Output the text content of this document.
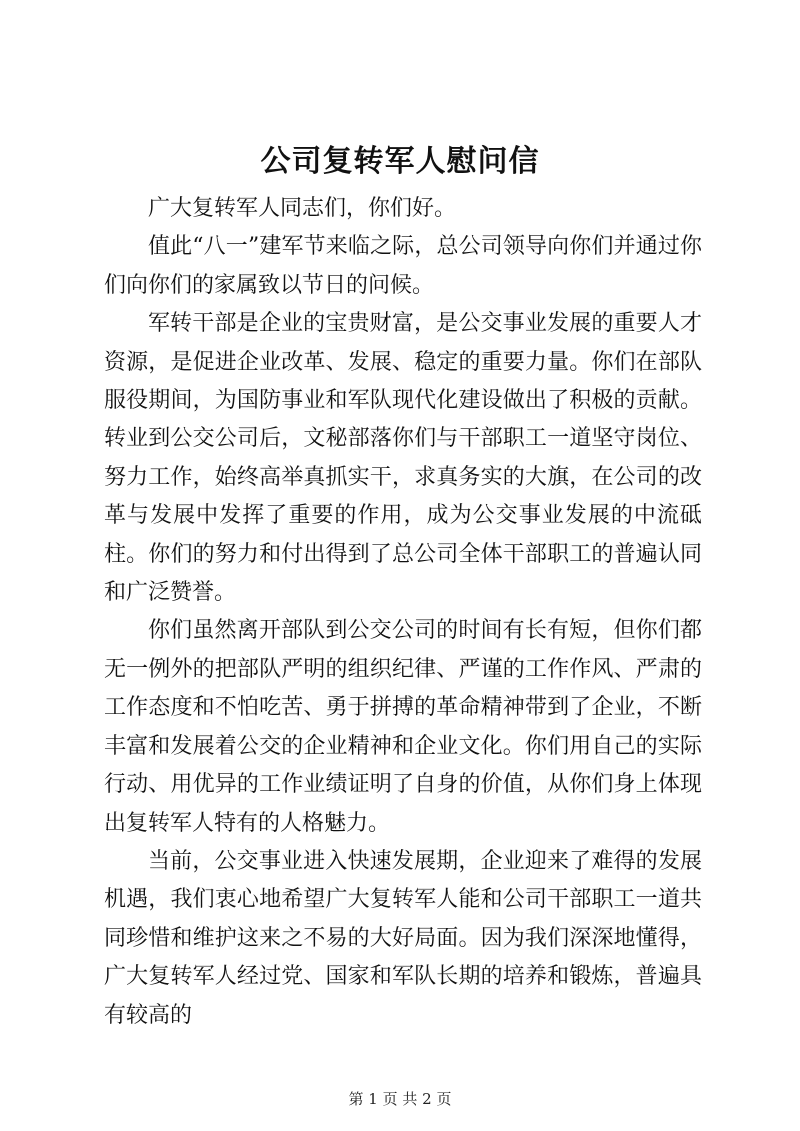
公司复转军人慰问信

广大复转军人同志们，你们好。

值此“八一”建军节来临之际，总公司领导向你们并通过你们向你们的家属致以节日的问候。

军转干部是企业的宝贵财富，是公交事业发展的重要人才资源，是促进企业改革、发展、稳定的重要力量。你们在部队服役期间，为国防事业和军队现代化建设做出了积极的贡献。转业到公交公司后，文秘部落你们与干部职工一道坚守岗位、努力工作，始终高举真抓实干，求真务实的大旗，在公司的改革与发展中发挥了重要的作用，成为公交事业发展的中流砥柱。你们的努力和付出得到了总公司全体干部职工的普遍认同和广泛赞誉。

你们虽然离开部队到公交公司的时间有长有短，但你们都无一例外的把部队严明的组织纪律、严谨的工作作风、严肃的工作态度和不怕吃苦、勇于拼搏的革命精神带到了企业，不断丰富和发展着公交的企业精神和企业文化。你们用自己的实际行动、用优异的工作业绩证明了自身的价值，从你们身上体现出复转军人特有的人格魅力。

当前，公交事业进入快速发展期，企业迎来了难得的发展机遇，我们衷心地希望广大复转军人能和公司干部职工一道共同珍惜和维护这来之不易的大好局面。因为我们深深地懂得，广大复转军人经过党、国家和军队长期的培养和锻炼，普遍具有较高的

第 1 页 共 2 页
